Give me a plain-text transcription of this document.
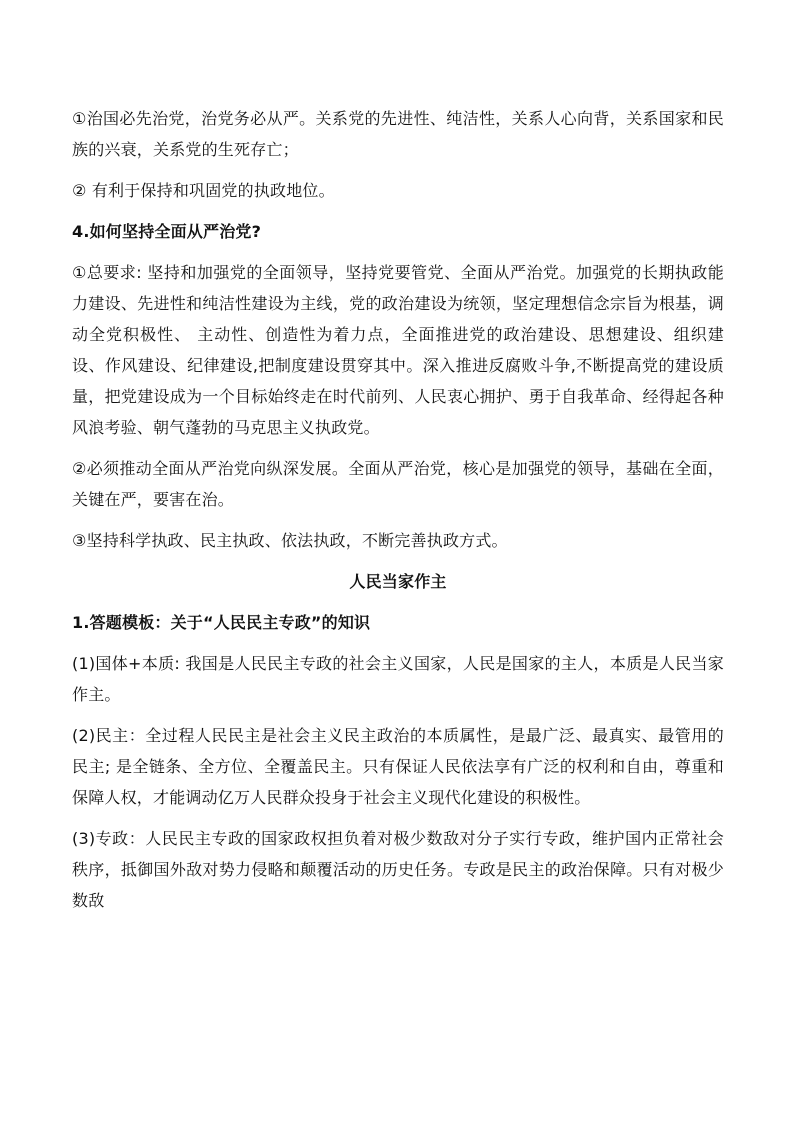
①治国必先治党，治党务必从严。关系党的先进性、纯洁性，关系人心向背，关系国家和民族的兴衰，关系党的生死存亡；

② 有利于保持和巩固党的执政地位。

4.如何坚持全面从严治党?

①总要求: 坚持和加强党的全面领导，坚持党要管党、全面从严治党。加强党的长期执政能力建设、先进性和纯洁性建设为主线，党的政治建设为统领，坚定理想信念宗旨为根基，调动全党积极性、 主动性、创造性为着力点，全面推进党的政治建设、思想建设、组织建设、作风建设、纪律建设,把制度建设贯穿其中。深入推进反腐败斗争,不断提高党的建设质量，把党建设成为一个目标始终走在时代前列、人民衷心拥护、勇于自我革命、经得起各种风浪考验、朝气蓬勃的马克思主义执政党。

②必须推动全面从严治党向纵深发展。全面从严治党，核心是加强党的领导，基础在全面，关键在严，要害在治。

③坚持科学执政、民主执政、依法执政，不断完善执政方式。

人民当家作主
1.答题模板：关于“人民民主专政”的知识

(1)国体+本质: 我国是人民民主专政的社会主义国家，人民是国家的主人，本质是人民当家作主。

(2)民主：全过程人民民主是社会主义民主政治的本质属性，是最广泛、最真实、最管用的民主; 是全链条、全方位、全覆盖民主。只有保证人民依法享有广泛的权利和自由，尊重和保障人权，才能调动亿万人民群众投身于社会主义现代化建设的积极性。

(3)专政：人民民主专政的国家政权担负着对极少数敌对分子实行专政，维护国内正常社会秩序，抵御国外敌对势力侵略和颠覆活动的历史任务。专政是民主的政治保障。只有对极少数敌
